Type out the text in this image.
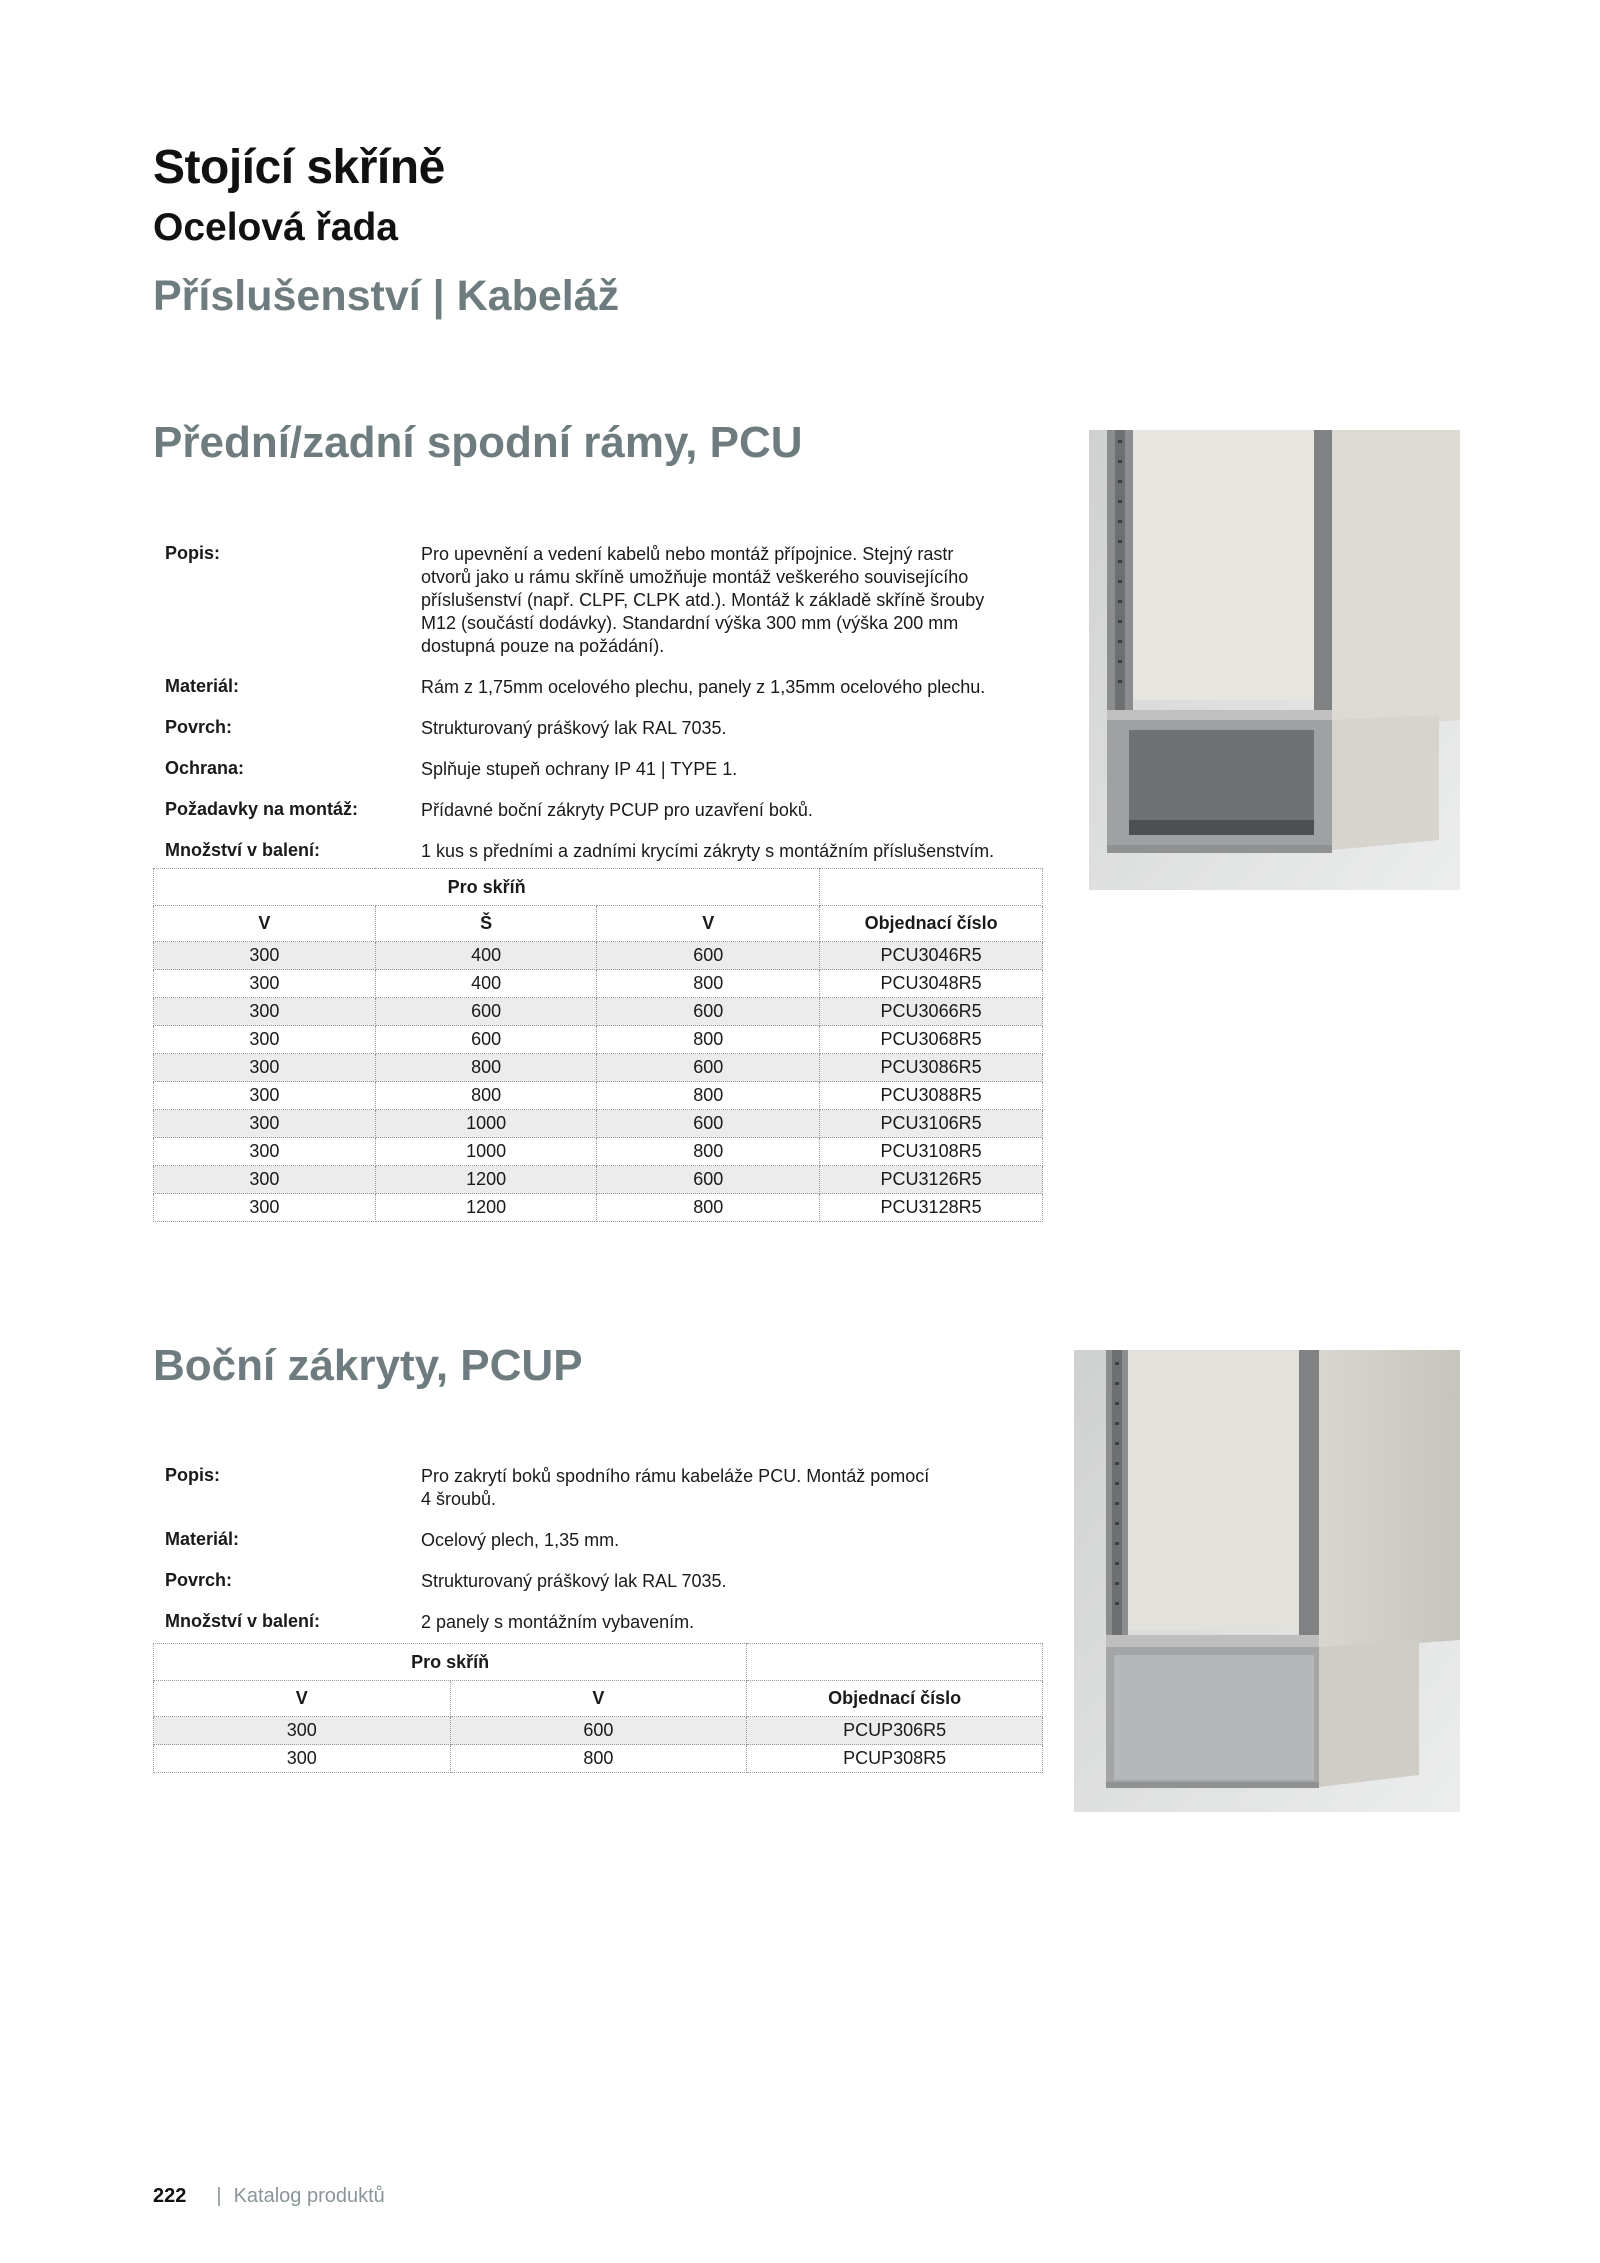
Stojící skříně
Ocelová řada
Příslušenství | Kabeláž
Přední/zadní spodní rámy, PCU
Popis:	Pro upevnění a vedení kabelů nebo montáž přípojnice. Stejný rastr
otvorů jako u rámu skříně umožňuje montáž veškerého souvisejícího
příslušenství (např. CLPF, CLPK atd.). Montáž k základě skříně šrouby
M12 (součástí dodávky). Standardní výška 300 mm (výška 200 mm
dostupná pouze na požádání).
Materiál:	Rám z 1,75mm ocelového plechu, panely z 1,35mm ocelového plechu.
Povrch:	Strukturovaný práškový lak RAL 7035.
Ochrana:	Splňuje stupeň ochrany IP 41 | TYPE 1.
Požadavky na montáž:	Přídavné boční zákryty PCUP pro uzavření boků.
Množství v balení:	1 kus s předními a zadními krycími zákryty s montážním příslušenstvím.
Pro skříň			
V	Š	V	Objednací číslo
300	400	600	PCU3046R5
300	400	800	PCU3048R5
300	600	600	PCU3066R5
300	600	800	PCU3068R5
300	800	600	PCU3086R5
300	800	800	PCU3088R5
300	1000	600	PCU3106R5
300	1000	800	PCU3108R5
300	1200	600	PCU3126R5
300	1200	800	PCU3128R5
Boční zákryty, PCUP
Popis:	Pro zakrytí boků spodního rámu kabeláže PCU. Montáž pomocí
4 šroubů.
Materiál:	Ocelový plech, 1,35 mm.
Povrch:	Strukturovaný práškový lak RAL 7035.
Množství v balení:	2 panely s montážním vybavením.
Pro skříň		
V	V	Objednací číslo
300	600	PCUP306R5
300	800	PCUP308R5
222 | Katalog produktů
